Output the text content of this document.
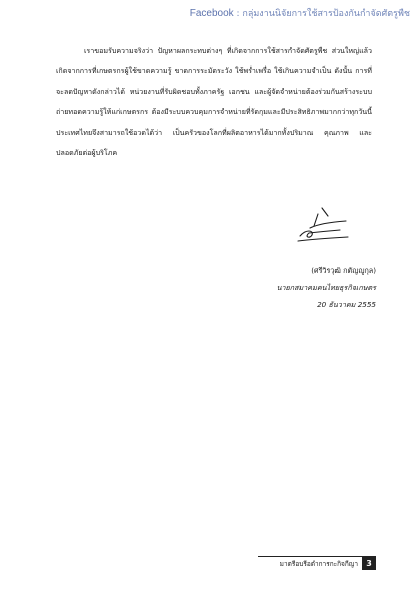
Facebook : กลุ่มงานนิจัยการใช้สารป้องกันกำจัดศัตรูพืช

เราขอมรับความจริงว่า ปัญหาผลกระทบต่างๆ ที่เกิดจากการใช้สารกำจัดศัตรูพืช ส่วนใหญ่แล้วเกิดจากการที่เกษตรกรผู้ใช้ขาดความรู้ ขาดการระมัดระวัง ใช้พร่ำเพรื่อ ใช้เกินความจำเป็น ดังนั้น การที่จะลดปัญหาดังกล่าวได้ หน่วยงานที่รับผิดชอบทั้งภาครัฐ เอกชน และผู้จัดจำหน่ายต้องร่วมกันสร้างระบบถ่ายทอดความรู้ให้แก่เกษตรกร ต้องมีระบบควบคุมการจำหน่ายที่รัดกุมและมีประสิทธิภาพมากกว่าทุกวันนี้ ประเทศไทยจึงสามารถใช้อวดได้ว่า เป็นครัวของโลกที่ผลิตอาหารได้มากทั้งปริมาณ คุณภาพ และปลอดภัยต่อผู้บริโภค

(ศรีวิรวุฒิ กตัญญูกุล)
นายกสมาคมคนไทยธุรกิจเกษตร
20 ธันวาคม 2555
มาตรีอบรีอตำการกะกิจกีญา	3
